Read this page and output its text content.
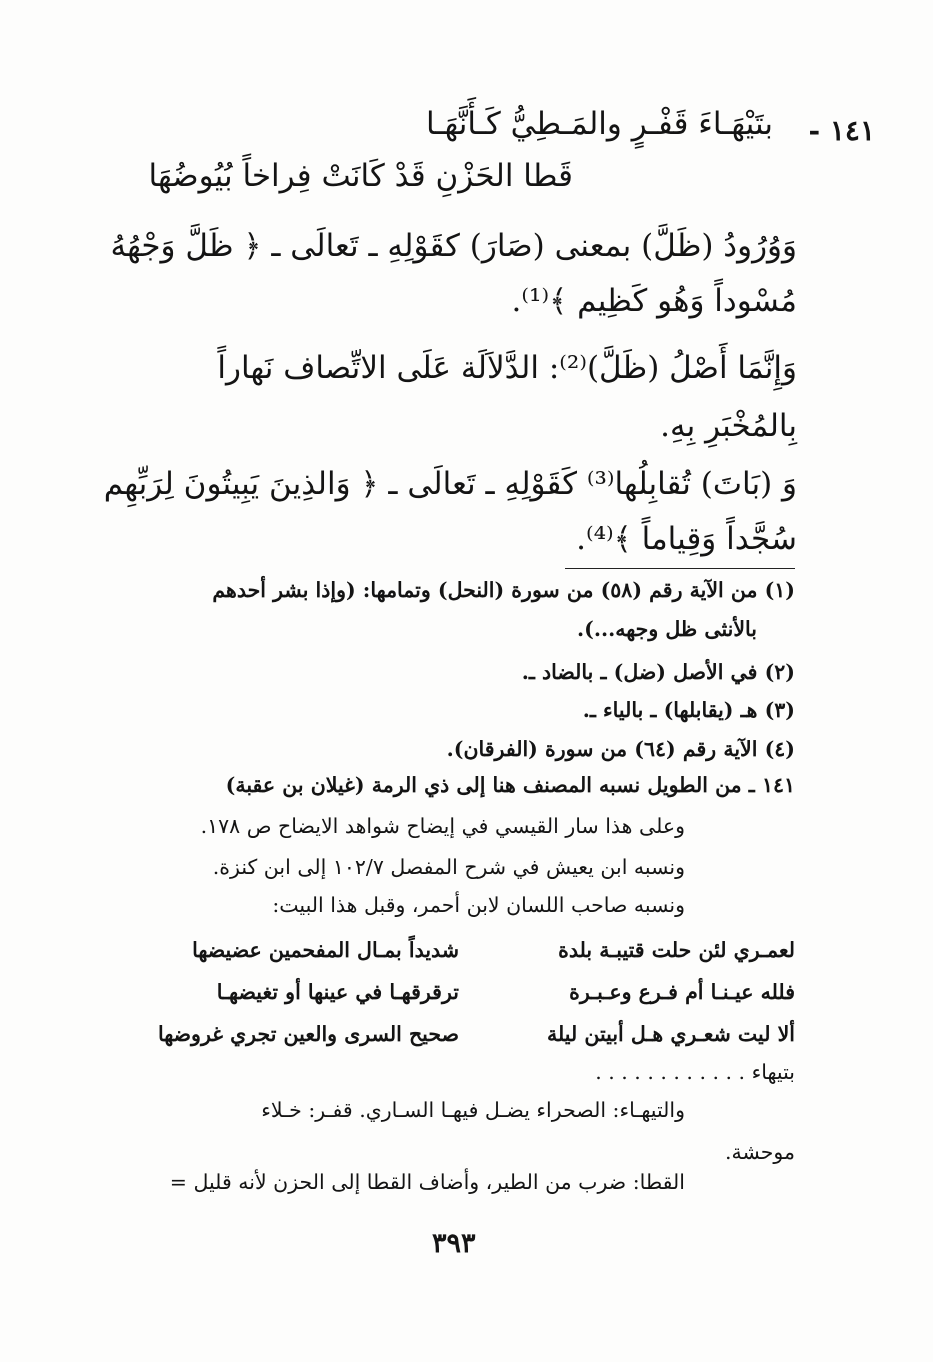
١٤١ -
بتَيْهَـاءَ قَفْـرٍ والمَـطِيُّ كَـأَنَّهَـا
قَطا الحَزْنِ قَدْ كَانَتْ فِراخاً بُيُوضُهَا
وَوُرُودُ (ظَلَّ) بمعنى (صَارَ) كقَوْلِهِ ـ تَعالَى ـ ﴿ ظَلَّ وَجْهُهُ
مُسْوداً وَهُو كَظِيم ﴾⁽¹⁾.
وَإِنَّمَا أَصْلُ (ظَلَّ)⁽²⁾: الدَّلاَلَة عَلَى الاتِّصاف نَهاراً
بِالمُخْبَرِ بِهِ.
وَ (بَاتَ) تُقابِلُها⁽³⁾ كَقَوْلِهِ ـ تَعالَى ـ ﴿ وَالذِينَ يَبِيتُونَ لِرَبِّهِم
سُجَّداً وَقِياماً ﴾⁽⁴⁾.
(١) من الآية رقم (٥٨) من سورة (النحل) وتمامها: (وإذا بشر أحدهم
بالأنثى ظل وجهه...).
(٢) في الأصل (ضل) ـ بالضاد ـ.
(٣) هـ (يقابلها) ـ بالياء ـ.
(٤) الآية رقم (٦٤) من سورة (الفرقان).
١٤١ ـ من الطويل نسبه المصنف هنا إلى ذي الرمة (غيلان بن عقبة)
وعلى هذا سار القيسي في إيضاح شواهد الايضاح ص ١٧٨.
ونسبه ابن يعيش في شرح المفصل ١٠٢/٧ إلى ابن كنزة.
ونسبه صاحب اللسان لابن أحمر، وقبل هذا البيت:
لعمـري لئن حلت قتيبـة بلدة
شديداً بمـال المفحمين عضيضها
فلله عيـنـا أم فـرع وعـبـرة
ترقرقهـا في عينها أو تغيضهـا
ألا ليت شعـري هـل أبيتن ليلة
صحيح السرى والعين تجري غروضها
بتيهاء . . . . . . . . . . . .
والتيهـاء: الصحراء يضـل فيهـا السـاري. قفـر: خـلاء
موحشة.
القطا: ضرب من الطير، وأضاف القطا إلى الحزن لأنه قليل =
٣٩٣
